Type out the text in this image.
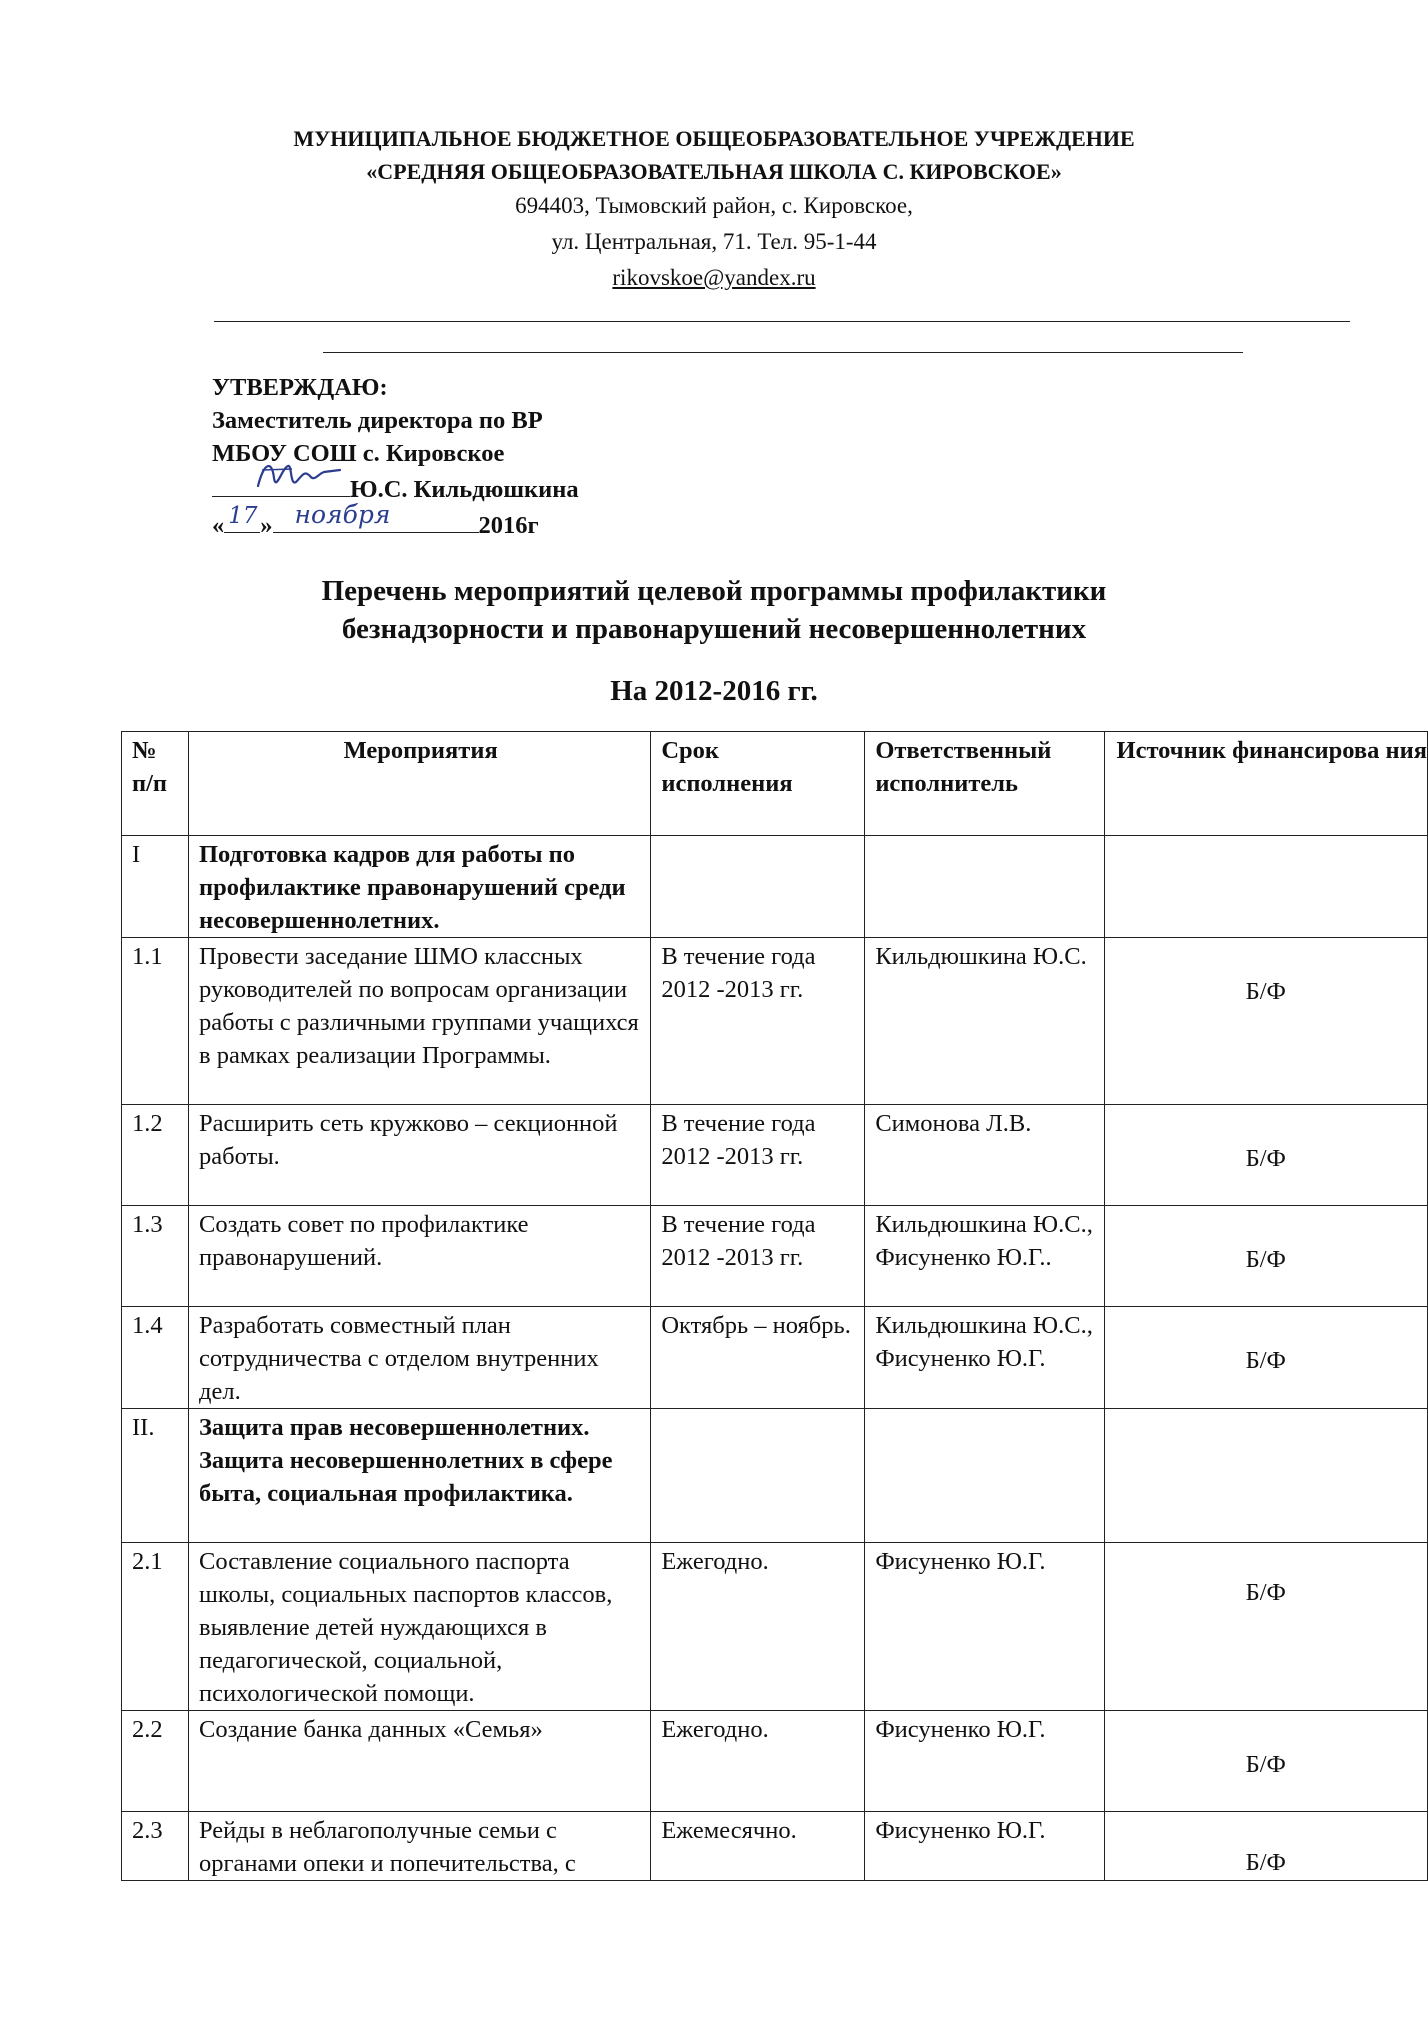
МУНИЦИПАЛЬНОЕ БЮДЖЕТНОЕ ОБЩЕОБРАЗОВАТЕЛЬНОЕ УЧРЕЖДЕНИЕ
«СРЕДНЯЯ ОБЩЕОБРАЗОВАТЕЛЬНАЯ ШКОЛА С. КИРОВСКОЕ»
694403, Тымовский район, с. Кировское,
ул. Центральная, 71. Тел. 95-1-44
rikovskoe@yandex.ru
УТВЕРЖДАЮ:
Заместитель директора по ВР
МБОУ СОШ с. Кировское
Ю.С. Кильдюшкина
« 17 » ноября	2016г
Перечень мероприятий целевой программы профилактики
безнадзорности и правонарушений несовершеннолетних
На 2012-2016 гг.
№ п/п	Мероприятия	Срок исполнения	Ответственный исполнитель	Источник финансирова ния
I	Подготовка кадров для работы по профилактике правонарушений среди несовершеннолетних.			
1.1	Провести заседание ШМО классных руководителей по вопросам организации работы с различными группами учащихся в рамках реализации Программы.	В течение года 2012 -2013 гг.	Кильдюшкина Ю.С.	Б/Ф
1.2	Расширить сеть кружково – секционной работы.	В течение года 2012 -2013 гг.	Симонова Л.В.	Б/Ф
1.3	Создать совет по профилактике правонарушений.	В течение года 2012 -2013 гг.	Кильдюшкина Ю.С., Фисуненко Ю.Г..	Б/Ф
1.4	Разработать совместный план сотрудничества с отделом внутренних дел.	Октябрь – ноябрь.	Кильдюшкина Ю.С., Фисуненко Ю.Г.	Б/Ф
II.	Защита прав несовершеннолетних. Защита несовершеннолетних в сфере быта, социальная профилактика.			
2.1	Составление социального паспорта школы, социальных паспортов классов, выявление детей нуждающихся в педагогической, социальной, психологической помощи.	Ежегодно.	Фисуненко Ю.Г.	Б/Ф
2.2	Создание банка данных «Семья»	Ежегодно.	Фисуненко Ю.Г.	Б/Ф
2.3	Рейды в неблагополучные семьи с органами опеки и попечительства, с	Ежемесячно.	Фисуненко Ю.Г.	Б/Ф
